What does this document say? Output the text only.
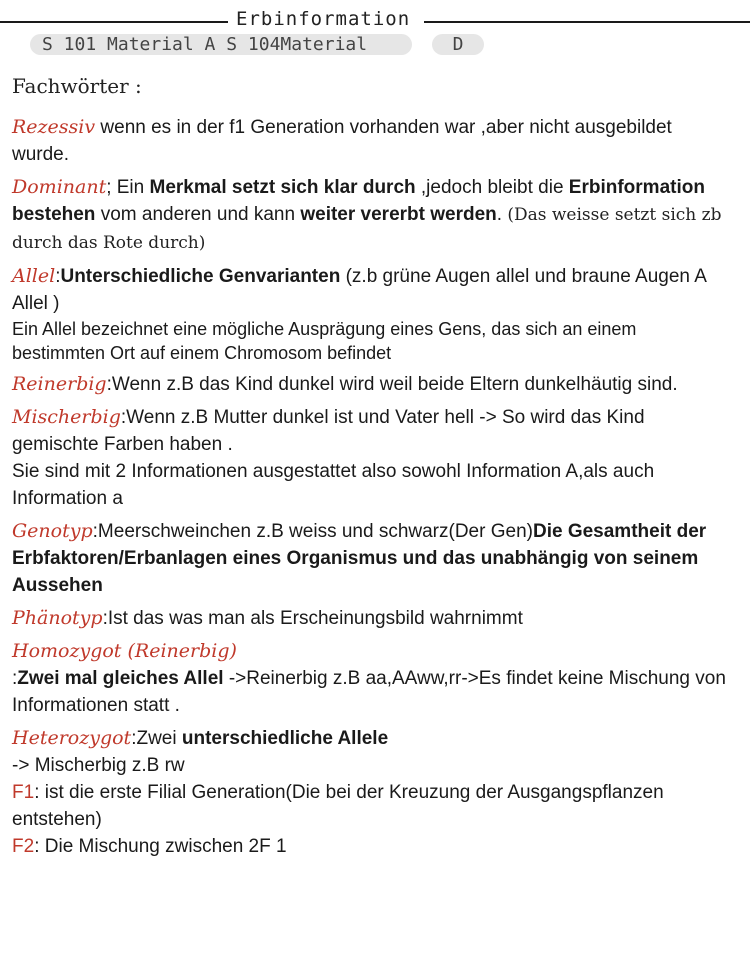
Erbinformation
S 101 Material A S 104Material	D
Fachwörter :
Rezessiv wenn es in der f1 Generation vorhanden war ,aber nicht ausgebildet wurde.
Dominant; Ein Merkmal setzt sich klar durch ,jedoch bleibt die Erbinformation bestehen vom anderen und kann weiter vererbt werden. (Das weisse setzt sich zb durch das Rote durch)
Allel:Unterschiedliche Genvarianten (z.b grüne Augen allel und braune Augen A Allel )
Ein Allel bezeichnet eine mögliche Ausprägung eines Gens, das sich an einem bestimmten Ort auf einem Chromosom befindet
Reinerbig:Wenn z.B das Kind dunkel wird weil beide Eltern dunkelhäutig sind.
Mischerbig:Wenn z.B Mutter dunkel ist und Vater hell -> So wird das Kind gemischte Farben haben .
Sie sind mit 2 Informationen ausgestattet also sowohl Information A,als auch Information a
Genotyp:Meerschweinchen z.B weiss und schwarz(Der Gen)Die Gesamtheit der Erbfaktoren/Erbanlagen eines Organismus und das unabhängig von seinem Aussehen
Phänotyp:Ist das was man als Erscheinungsbild wahrnimmt
Homozygot (Reinerbig)
:Zwei mal gleiches Allel ->Reinerbig z.B aa,AAww,rr->Es findet keine Mischung von Informationen statt .
Heterozygot:Zwei unterschiedliche Allele
-> Mischerbig z.B rw
F1: ist die erste Filial Generation(Die bei der Kreuzung der Ausgangspflanzen entstehen)
F2: Die Mischung zwischen 2F 1
